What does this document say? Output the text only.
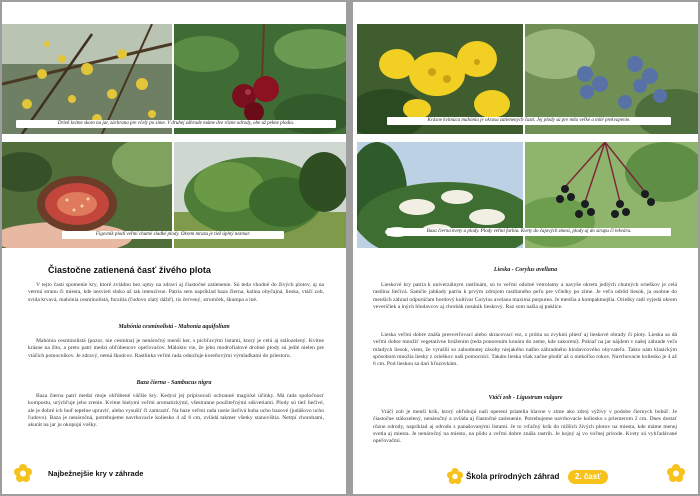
Drieň kvitne skoro na jar, záchrana pre včely po zime. V druhej záhrade máme dve rôzne odrody, obe už pekne plodia.
Figovník plodí veľmi chutné sladké plody. Okrem mrazu je tiež úplný nezmar.
Čiastočne zatienená časť živého plota

V tejto časti spomenie kry, ktoré zvládnu bez ujmy na zdraví aj čiastočné zatienenie. Sú teda vhodné do živých plotov, aj na vetrnú stranu či miesta, kde nesvieti slnko až tak intenzívne. Patria sem napríklad baza čierna, kalina obyčajná, lieska, vtáčí zob, svída krvavá, mahónia cesmínolistá, forzítia (ľudovo zlatý dážď), tis červený, stromček, škumpa a iné.

Mahónia cesmínolistá - Mahonia aquifolium

Mahónia cesmínolistá (pozor, nie cesmína) je nenáročný menší ker, s pichľavými listami, ktorý je celú aj stálozelený. Kvitne krásne na žlto, a preto patrí medzi obľúbencov opeľovačov. Málokto vie, že jeho modrofialové drobné plody sú jedlé nielen pre vtáčích pomocníkov. Je zdravý, nemá škodcov. Rastlinka veľmi rada odnožuje koreňovými výmladkami do priestoru.

Baza čierna - Sambucus nigra

Baza čierna patrí medzi moje obľúbené väčšie kry. Kedysi jej pripisovali ochranné magické účinky. Má rada spoločnosť kompostu, urýchľuje jeho zrenie. Kvitne bielymi veľmi aromatickými, všestranne použiteľnými súkvetiami. Plody sú tiež liečivé, ale je dobré ich buď tepelne upraviť, alebo vysušiť či zamraziť. Na baze veľmi rada rastie liečivá huba ucho bazové (judášovo ucho ľudovo). Baza je nenáročná, potrebujeme navrhovacie koliesko 4 až 6 cm, zvládá takmer všetky stanovištia. Netrpí chorobami, akurát na jar ju okupujú vošky.

Najbežnejšie kry v záhrade
Krásne kvitnúca mahónia je okrasa zatienených častí. Jej plody sú pre mňa veľké a milé prekvapenie.
Baza čierna kvety a plody. Plody veľmi farbia. Kvety do čajových zmesí, plody aj do sirupu či lekváru.
Lieska - Corylus avellana

Lieskové kry patria k univerzálnym rastlinám, sú to veľmi odolné vetrolamy a navyše okrem jedlých chutných orieškov je celá rastlina liečivá. Samčie jahňady patria k prvým zdrojom rastlinného peľu pre včielky po zime. Je veľa odrôd liesok, ja osobne do menších záhrad odporúčam bordový kultivar Corylus avelana maxima purpurea. Je menšia a kompaktnejšia. Oriešky radi vyjedá okrem veveričiek a iných hlodavcov aj chrobák nosánik lieskový. Raz som našla aj puklice.

Lieska veľmi dobre znáša presvetľovací alebo skracovací rez, z prútia sa zvyknú pliesť aj lieskové obrady či ploty. Lieska sa dá veľmi dobre množiť vegetatívne hrúžením (teda ponorením konára do zeme, kde zakorení). Pokiaľ na jar nájdem v našej záhrade veľa mladých liesok, viem, že vyrašili so zabudnutej zásoby niejakého našho záhradného hlodavcového obyvateľa. Takto nám klasickým spôsobom množia liesky z orieškov naši pomocníci. Takáto lieska však začne plodiť až o niekoľko rokov. Navrhovacie koliesko je 4 až 6 cm. Pod lieskou sa darí hľuzovkám.

Vtáčí zob - Ligustrum vulgare

Vtáčí zob je menší krík, ktorý obľubujú naši operení priatelia hlavne v zime ako zdroj výživy v podobe čiernych bobúľ. Je čiastočne stálozelený, nenáročný a zvláda aj čiastočné zatienenie. Potrebujeme navrhovacie koliesko s priemerom 2 cm. Dnes dostať rôzne odrody, napríklad aj odrodu s panašovanými listami. Je to vďačný krík do nižších živých plotov na miesta, kde máme menej svetla aj miesta. Je nenáročný na miesto, na pôdu a veľmi dobre znáša rastrih. Je hojný aj vo voľnej prírode. Kvety sú vyhľadávané opeľovačmi.

Škola prírodných záhrad	2. časť
